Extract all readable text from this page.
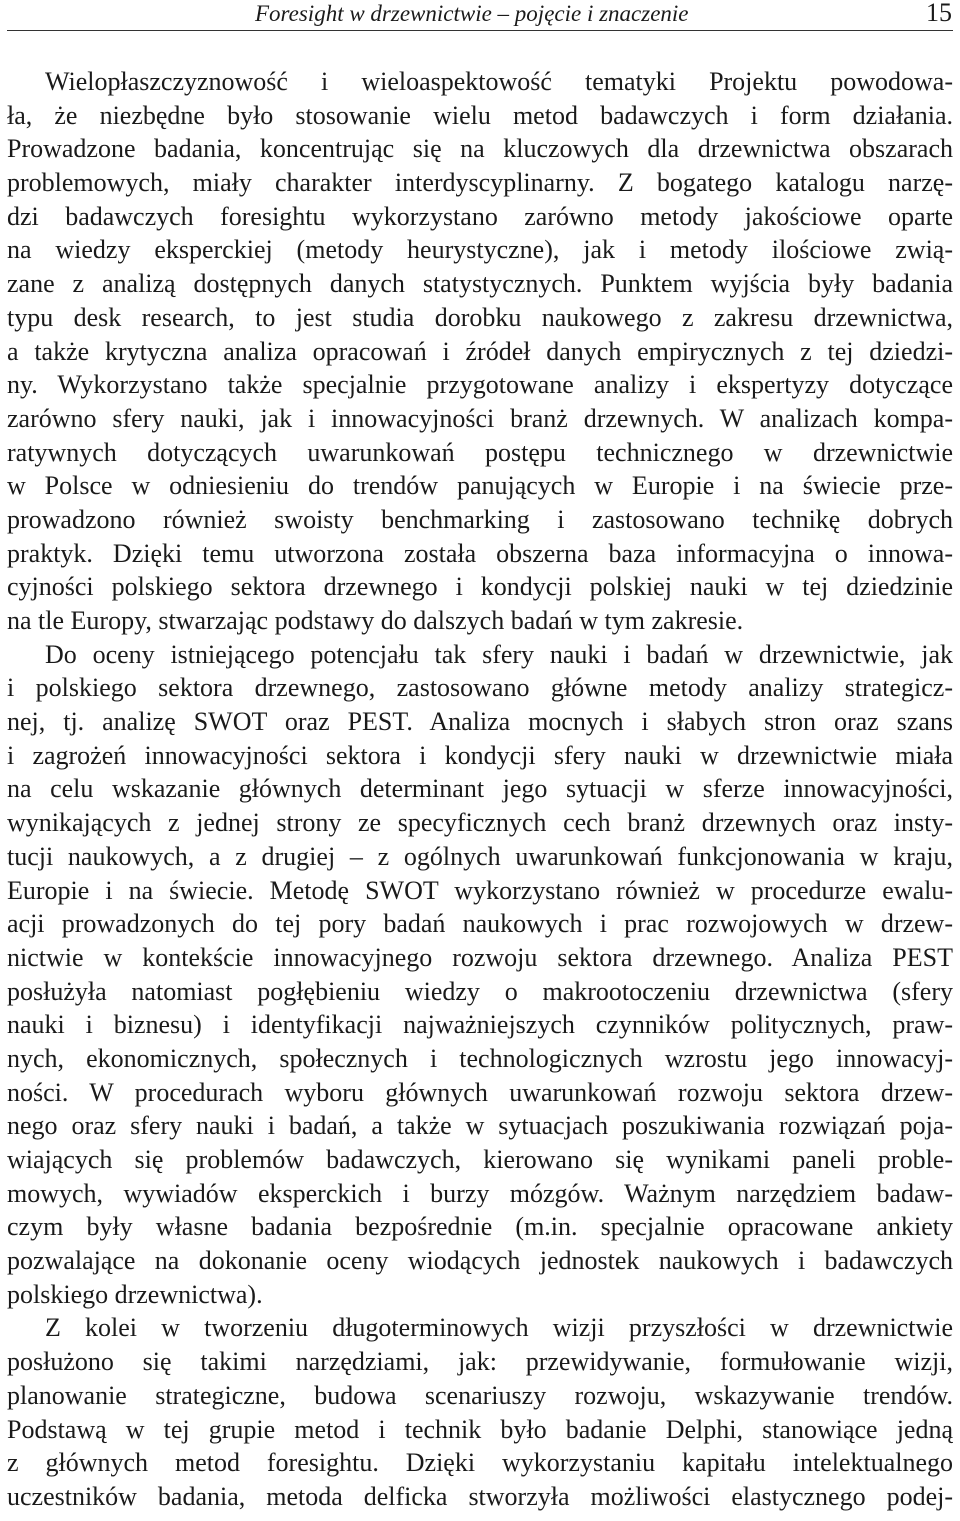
Foresight w drzewnictwie – pojęcie i znaczenie	15
Wielopłaszczyznowość i wieloaspektowość tematyki Projektu powodowa-
ła, że niezbędne było stosowanie wielu metod badawczych i form działania.
Prowadzone badania, koncentrując się na kluczowych dla drzewnictwa obszarach
problemowych, miały charakter interdyscyplinarny. Z bogatego katalogu narzę-
dzi badawczych foresightu wykorzystano zarówno metody jakościowe oparte
na wiedzy eksperckiej (metody heurystyczne), jak i metody ilościowe zwią-
zane z analizą dostępnych danych statystycznych. Punktem wyjścia były badania
typu desk research, to jest studia dorobku naukowego z zakresu drzewnictwa,
a także krytyczna analiza opracowań i źródeł danych empirycznych z tej dziedzi-
ny. Wykorzystano także specjalnie przygotowane analizy i ekspertyzy dotyczące
zarówno sfery nauki, jak i innowacyjności branż drzewnych. W analizach kompa-
ratywnych dotyczących uwarunkowań postępu technicznego w drzewnictwie
w Polsce w odniesieniu do trendów panujących w Europie i na świecie prze-
prowadzono również swoisty benchmarking i zastosowano technikę dobrych
praktyk. Dzięki temu utworzona została obszerna baza informacyjna o innowa-
cyjności polskiego sektora drzewnego i kondycji polskiej nauki w tej dziedzinie
na tle Europy, stwarzając podstawy do dalszych badań w tym zakresie.
Do oceny istniejącego potencjału tak sfery nauki i badań w drzewnictwie, jak
i polskiego sektora drzewnego, zastosowano główne metody analizy strategicz-
nej, tj. analizę SWOT oraz PEST. Analiza mocnych i słabych stron oraz szans
i zagrożeń innowacyjności sektora i kondycji sfery nauki w drzewnictwie miała
na celu wskazanie głównych determinant jego sytuacji w sferze innowacyjności,
wynikających z jednej strony ze specyficznych cech branż drzewnych oraz insty-
tucji naukowych, a z drugiej – z ogólnych uwarunkowań funkcjonowania w kraju,
Europie i na świecie. Metodę SWOT wykorzystano również w procedurze ewalu-
acji prowadzonych do tej pory badań naukowych i prac rozwojowych w drzew-
nictwie w kontekście innowacyjnego rozwoju sektora drzewnego. Analiza PEST
posłużyła natomiast pogłębieniu wiedzy o makrootoczeniu drzewnictwa (sfery
nauki i biznesu) i identyfikacji najważniejszych czynników politycznych, praw-
nych, ekonomicznych, społecznych i technologicznych wzrostu jego innowacyj-
ności. W procedurach wyboru głównych uwarunkowań rozwoju sektora drzew-
nego oraz sfery nauki i badań, a także w sytuacjach poszukiwania rozwiązań poja-
wiających się problemów badawczych, kierowano się wynikami paneli proble-
mowych, wywiadów eksperckich i burzy mózgów. Ważnym narzędziem badaw-
czym były własne badania bezpośrednie (m.in. specjalnie opracowane ankiety
pozwalające na dokonanie oceny wiodących jednostek naukowych i badawczych
polskiego drzewnictwa).
Z kolei w tworzeniu długoterminowych wizji przyszłości w drzewnictwie
posłużono się takimi narzędziami, jak: przewidywanie, formułowanie wizji,
planowanie strategiczne, budowa scenariuszy rozwoju, wskazywanie trendów.
Podstawą w tej grupie metod i technik było badanie Delphi, stanowiące jedną
z głównych metod foresightu. Dzięki wykorzystaniu kapitału intelektualnego
uczestników badania, metoda delficka stworzyła możliwości elastycznego podej-
